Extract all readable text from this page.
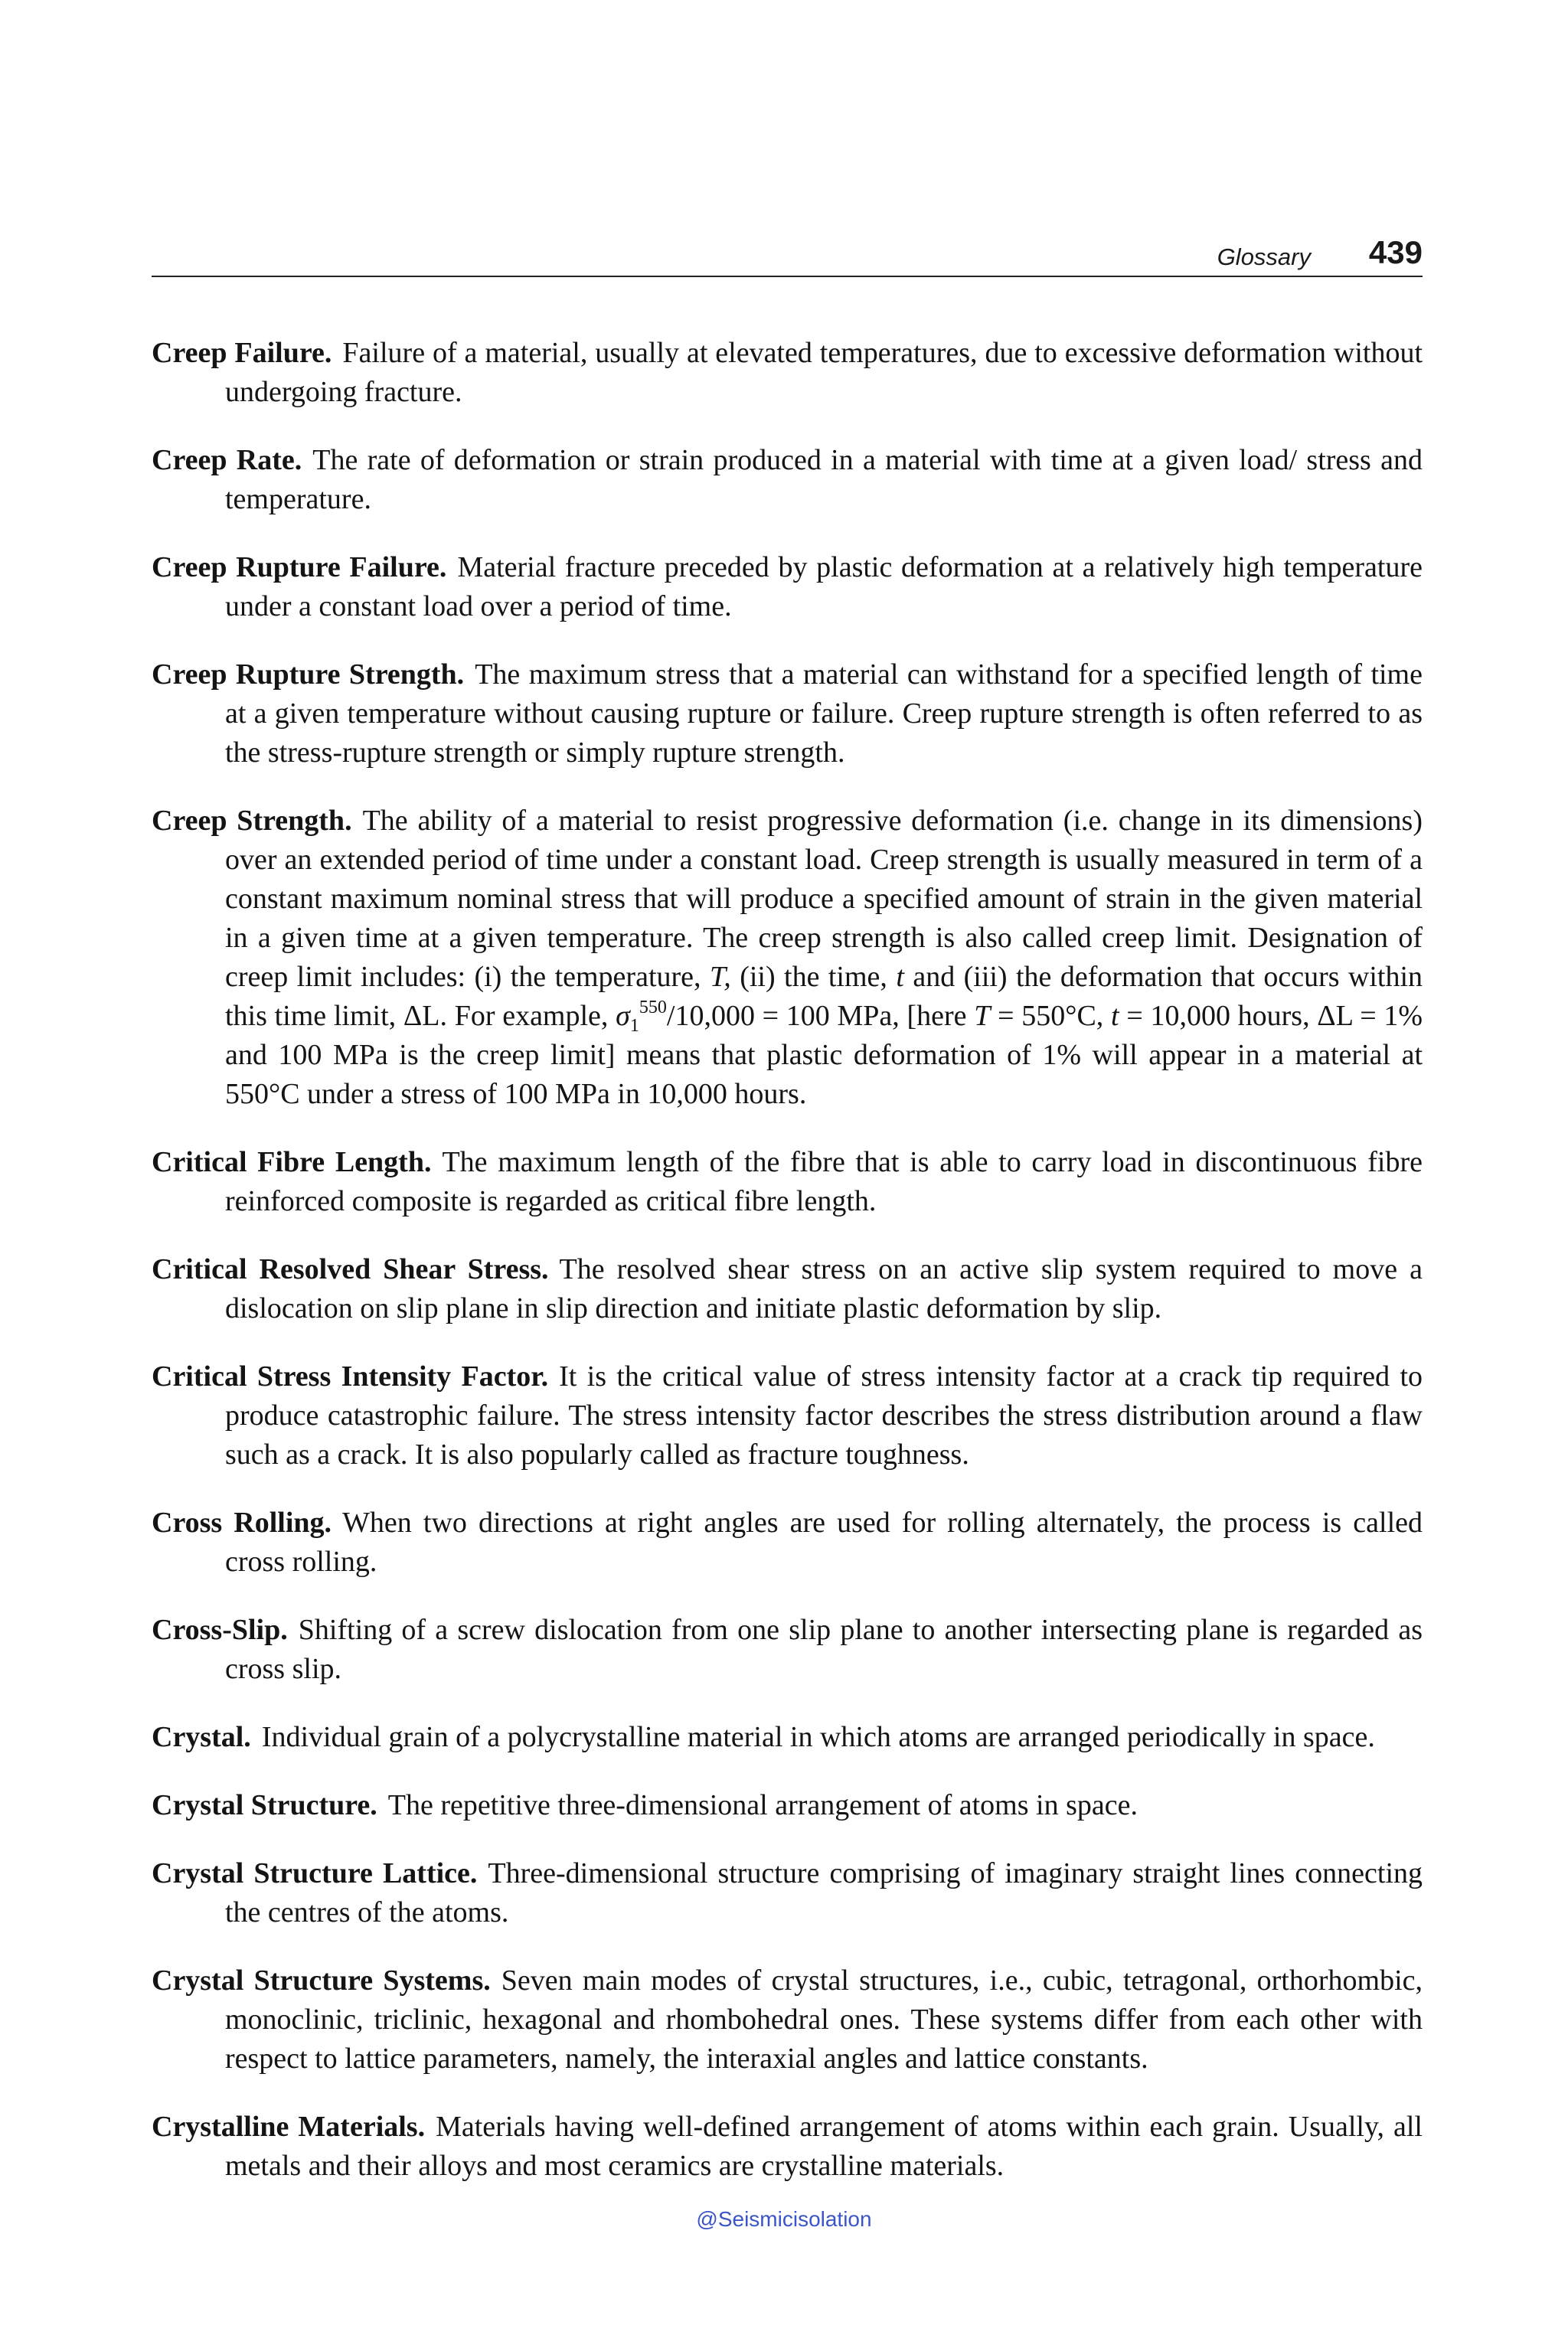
Glossary 439

Creep Failure. Failure of a material, usually at elevated temperatures, due to excessive deformation without undergoing fracture.

Creep Rate. The rate of deformation or strain produced in a material with time at a given load/ stress and temperature.

Creep Rupture Failure. Material fracture preceded by plastic deformation at a relatively high temperature under a constant load over a period of time.

Creep Rupture Strength. The maximum stress that a material can withstand for a specified length of time at a given temperature without causing rupture or failure. Creep rupture strength is often referred to as the stress-rupture strength or simply rupture strength.

Creep Strength. The ability of a material to resist progressive deformation (i.e. change in its dimensions) over an extended period of time under a constant load. Creep strength is usually measured in term of a constant maximum nominal stress that will produce a specified amount of strain in the given material in a given time at a given temperature. The creep strength is also called creep limit. Designation of creep limit includes: (i) the temperature, T, (ii) the time, t and (iii) the deformation that occurs within this time limit, ΔL. For example, $\sigma_1^{550}/10,000 = 100$ MPa, [here T = 550°C, t = 10,000 hours, ΔL = 1% and 100 MPa is the creep limit] means that plastic deformation of 1% will appear in a material at 550°C under a stress of 100 MPa in 10,000 hours.

Critical Fibre Length. The maximum length of the fibre that is able to carry load in discontinuous fibre reinforced composite is regarded as critical fibre length.

Critical Resolved Shear Stress. The resolved shear stress on an active slip system required to move a dislocation on slip plane in slip direction and initiate plastic deformation by slip.

Critical Stress Intensity Factor. It is the critical value of stress intensity factor at a crack tip required to produce catastrophic failure. The stress intensity factor describes the stress distribution around a flaw such as a crack. It is also popularly called as fracture toughness.

Cross Rolling. When two directions at right angles are used for rolling alternately, the process is called cross rolling.

Cross-Slip. Shifting of a screw dislocation from one slip plane to another intersecting plane is regarded as cross slip.

Crystal. Individual grain of a polycrystalline material in which atoms are arranged periodically in space.

Crystal Structure. The repetitive three-dimensional arrangement of atoms in space.

Crystal Structure Lattice. Three-dimensional structure comprising of imaginary straight lines connecting the centres of the atoms.

Crystal Structure Systems. Seven main modes of crystal structures, i.e., cubic, tetragonal, orthorhombic, monoclinic, triclinic, hexagonal and rhombohedral ones. These systems differ from each other with respect to lattice parameters, namely, the interaxial angles and lattice constants.

Crystalline Materials. Materials having well-defined arrangement of atoms within each grain. Usually, all metals and their alloys and most ceramics are crystalline materials.

@Seismicisolation
